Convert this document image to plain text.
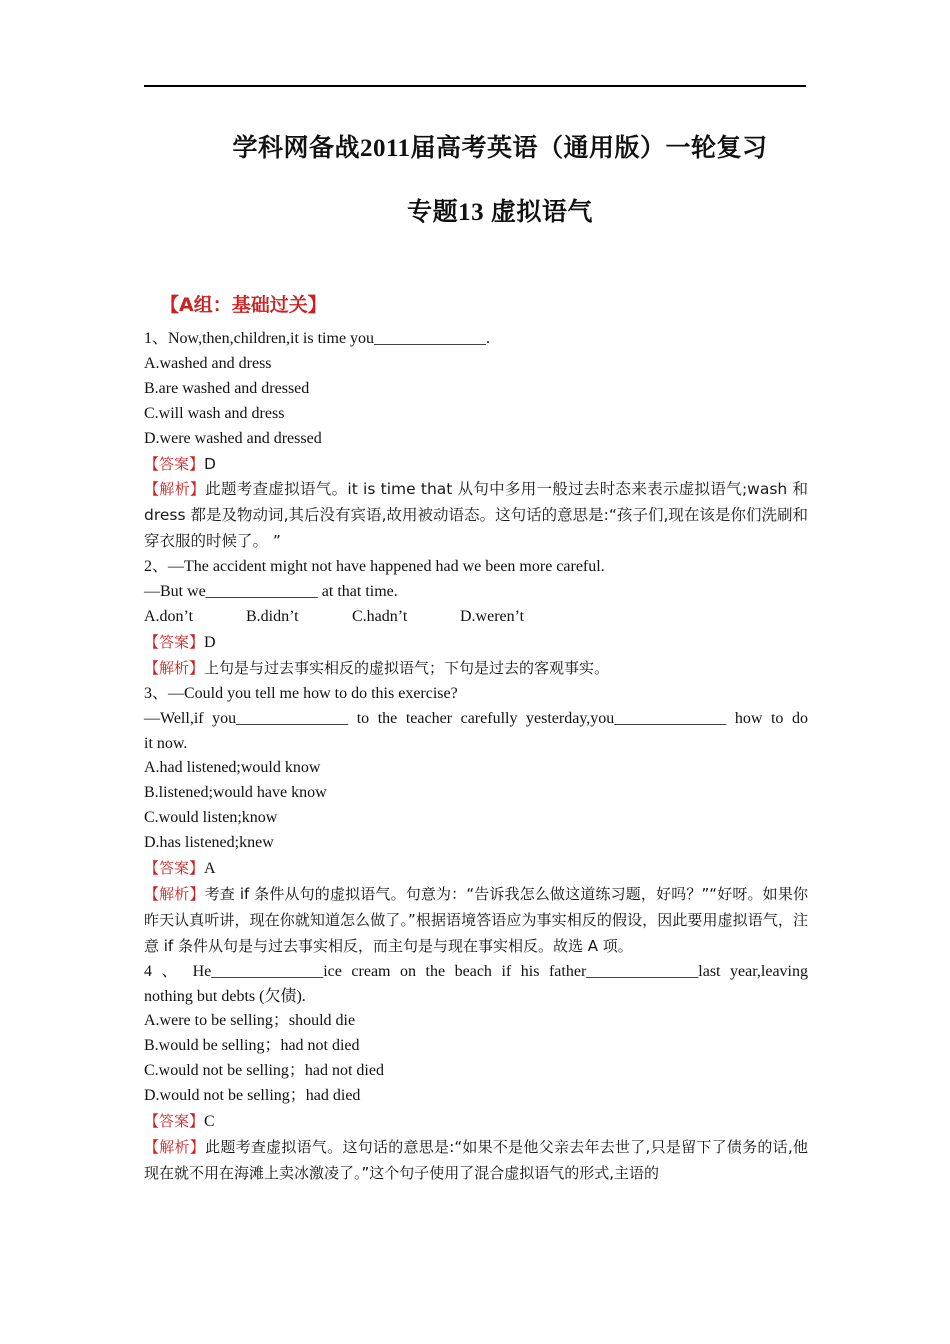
学科网备战2011届高考英语（通用版）一轮复习
专题13 虚拟语气
【A组：基础过关】

1、Now,then,children,it is time you______________.

A.washed and dress

B.are washed and dressed

C.will wash and dress

D.were washed and dressed

【答案】D

【解析】此题考查虚拟语气。it is time that 从句中多用一般过去时态来表示虚拟语气;wash 和 dress 都是及物动词,其后没有宾语,故用被动语态。这句话的意思是:“孩子们,现在该是你们洗刷和穿衣服的时候了。 ”

2、—The accident might not have happened had we been more careful.

—But we______________ at that time.

A.don’t	B.didn’t	C.hadn’t	D.weren’t

【答案】D

【解析】上句是与过去事实相反的虚拟语气；下句是过去的客观事实。

3、—Could you tell me how to do this exercise?

—Well,if you______________ to the teacher carefully yesterday,you______________ how to do

it now.

A.had listened;would know

B.listened;would have know

C.would listen;know

D.has listened;knew

【答案】A

【解析】考查 if 条件从句的虚拟语气。句意为：“告诉我怎么做这道练习题，好吗？”“好呀。如果你昨天认真听讲，现在你就知道怎么做了。”根据语境答语应为事实相反的假设，因此要用虚拟语气，注意 if 条件从句是与过去事实相反，而主句是与现在事实相反。故选 A 项。

4 、 He______________ice cream on the beach if his father______________last year,leaving

nothing but debts (欠债).

A.were to be selling；should die

B.would be selling；had not died

C.would not be selling；had not died

D.would not be selling；had died

【答案】C

【解析】此题考查虚拟语气。这句话的意思是:“如果不是他父亲去年去世了,只是留下了债务的话,他现在就不用在海滩上卖冰激凌了。”这个句子使用了混合虚拟语气的形式,主语的
